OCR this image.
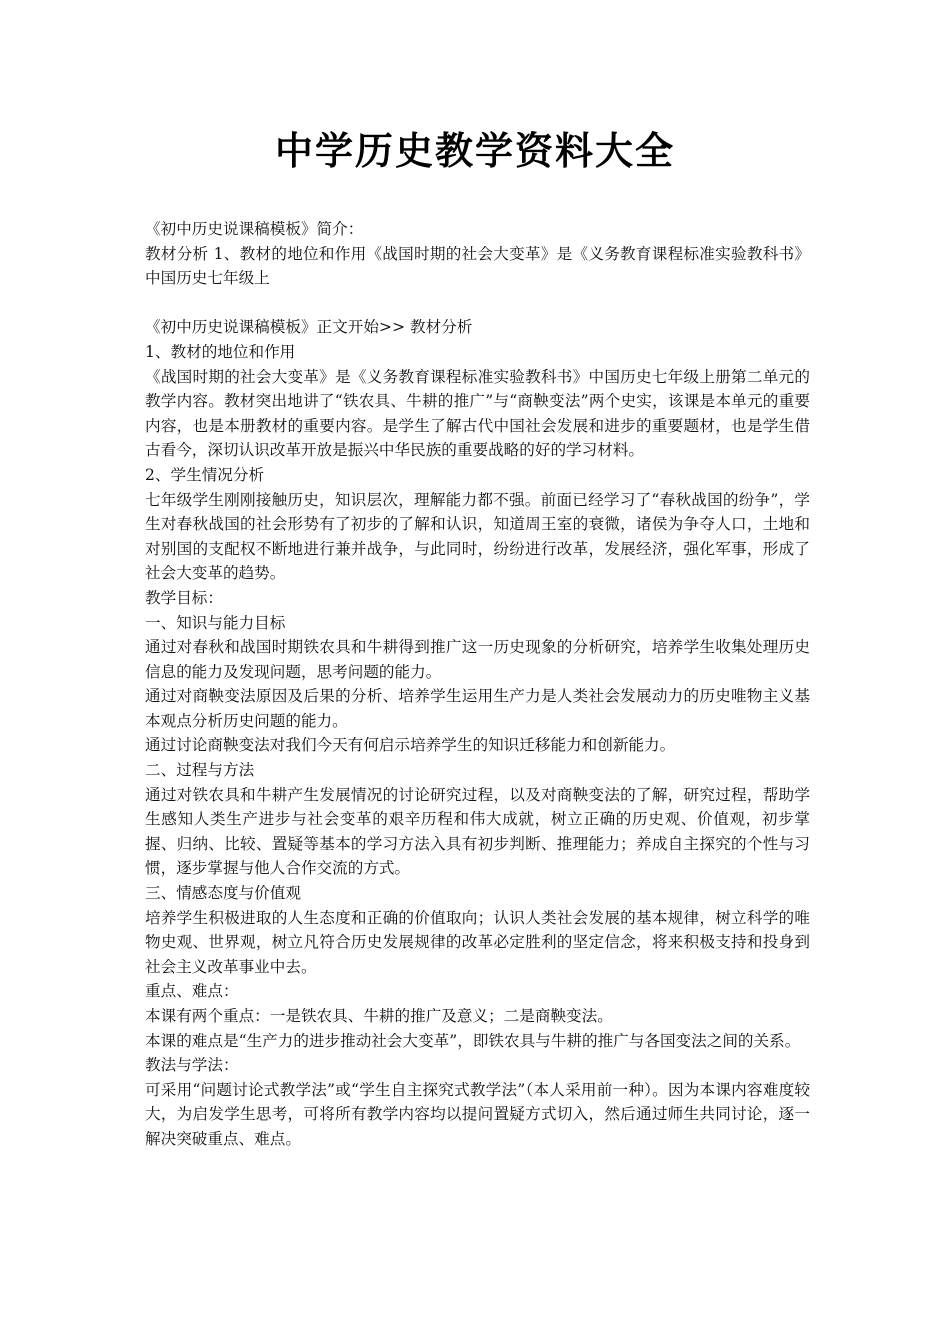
中学历史教学资料大全

《初中历史说课稿模板》简介：

教材分析 1、教材的地位和作用《战国时期的社会大变革》是《义务教育课程标准实验教科书》中国历史七年级上

《初中历史说课稿模板》正文开始>> 教材分析

1、教材的地位和作用

《战国时期的社会大变革》是《义务教育课程标准实验教科书》中国历史七年级上册第二单元的教学内容。教材突出地讲了“铁农具、牛耕的推广”与“商鞅变法”两个史实，该课是本单元的重要内容，也是本册教材的重要内容。是学生了解古代中国社会发展和进步的重要题材，也是学生借古看今，深切认识改革开放是振兴中华民族的重要战略的好的学习材料。

2、学生情况分析

七年级学生刚刚接触历史，知识层次，理解能力都不强。前面已经学习了“春秋战国的纷争”，学生对春秋战国的社会形势有了初步的了解和认识，知道周王室的衰微，诸侯为争夺人口，土地和对别国的支配权不断地进行兼并战争，与此同时，纷纷进行改革，发展经济，强化军事，形成了社会大变革的趋势。

教学目标：

一、知识与能力目标

通过对春秋和战国时期铁农具和牛耕得到推广这一历史现象的分析研究，培养学生收集处理历史信息的能力及发现问题，思考问题的能力。

通过对商鞅变法原因及后果的分析、培养学生运用生产力是人类社会发展动力的历史唯物主义基本观点分析历史问题的能力。

通过讨论商鞅变法对我们今天有何启示培养学生的知识迁移能力和创新能力。

二、过程与方法

通过对铁农具和牛耕产生发展情况的讨论研究过程，以及对商鞅变法的了解，研究过程，帮助学生感知人类生产进步与社会变革的艰辛历程和伟大成就，树立正确的历史观、价值观，初步掌握、归纳、比较、置疑等基本的学习方法入具有初步判断、推理能力；养成自主探究的个性与习惯，逐步掌握与他人合作交流的方式。

三、情感态度与价值观

培养学生积极进取的人生态度和正确的价值取向；认识人类社会发展的基本规律，树立科学的唯物史观、世界观，树立凡符合历史发展规律的改革必定胜利的坚定信念，将来积极支持和投身到社会主义改革事业中去。

重点、难点：

本课有两个重点：一是铁农具、牛耕的推广及意义；二是商鞅变法。

本课的难点是“生产力的进步推动社会大变革”，即铁农具与牛耕的推广与各国变法之间的关系。

教法与学法：

可采用“问题讨论式教学法”或“学生自主探究式教学法”（本人采用前一种）。因为本课内容难度较大，为启发学生思考，可将所有教学内容均以提问置疑方式切入，然后通过师生共同讨论，逐一解决突破重点、难点。
